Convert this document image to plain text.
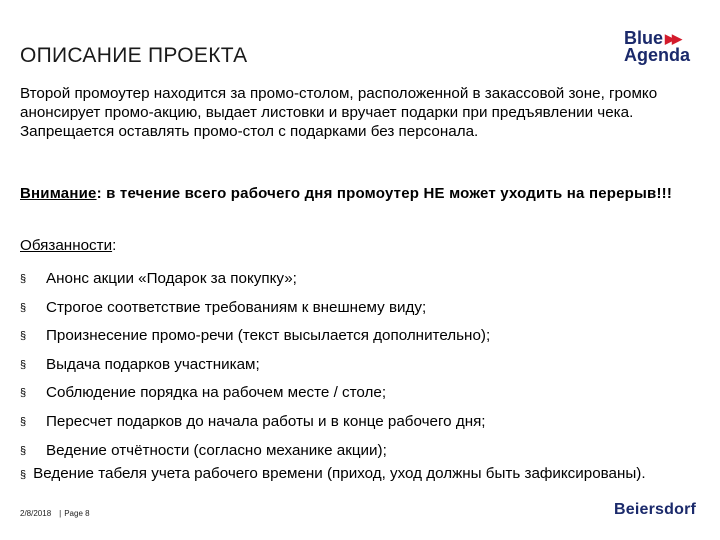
ОПИСАНИЕ ПРОЕКТА
Blue ▶▶
Agenda

Второй промоутер находится за промо-столом, расположенной в закассовой зоне, громко анонсирует промо-акцию, выдает листовки и вручает подарки при предъявлении чека.

Запрещается оставлять промо-стол с подарками без персонала.

Внимание: в течение всего рабочего дня промоутер НЕ может уходить на перерыв!!!
Обязанности:
§ Анонс акции «Подарок за покупку»;
§ Строгое соответствие требованиям к внешнему виду;
§ Произнесение промо-речи (текст высылается дополнительно);
§ Выдача подарков участникам;
§ Соблюдение порядка на рабочем месте / столе;
§ Пересчет подарков до начала работы и в конце рабочего дня;
§ Ведение отчётности (согласно механике акции);
§ Ведение табеля учета рабочего времени (приход, уход должны быть зафиксированы).
2/8/2018 | Page 8	Beiersdorf
